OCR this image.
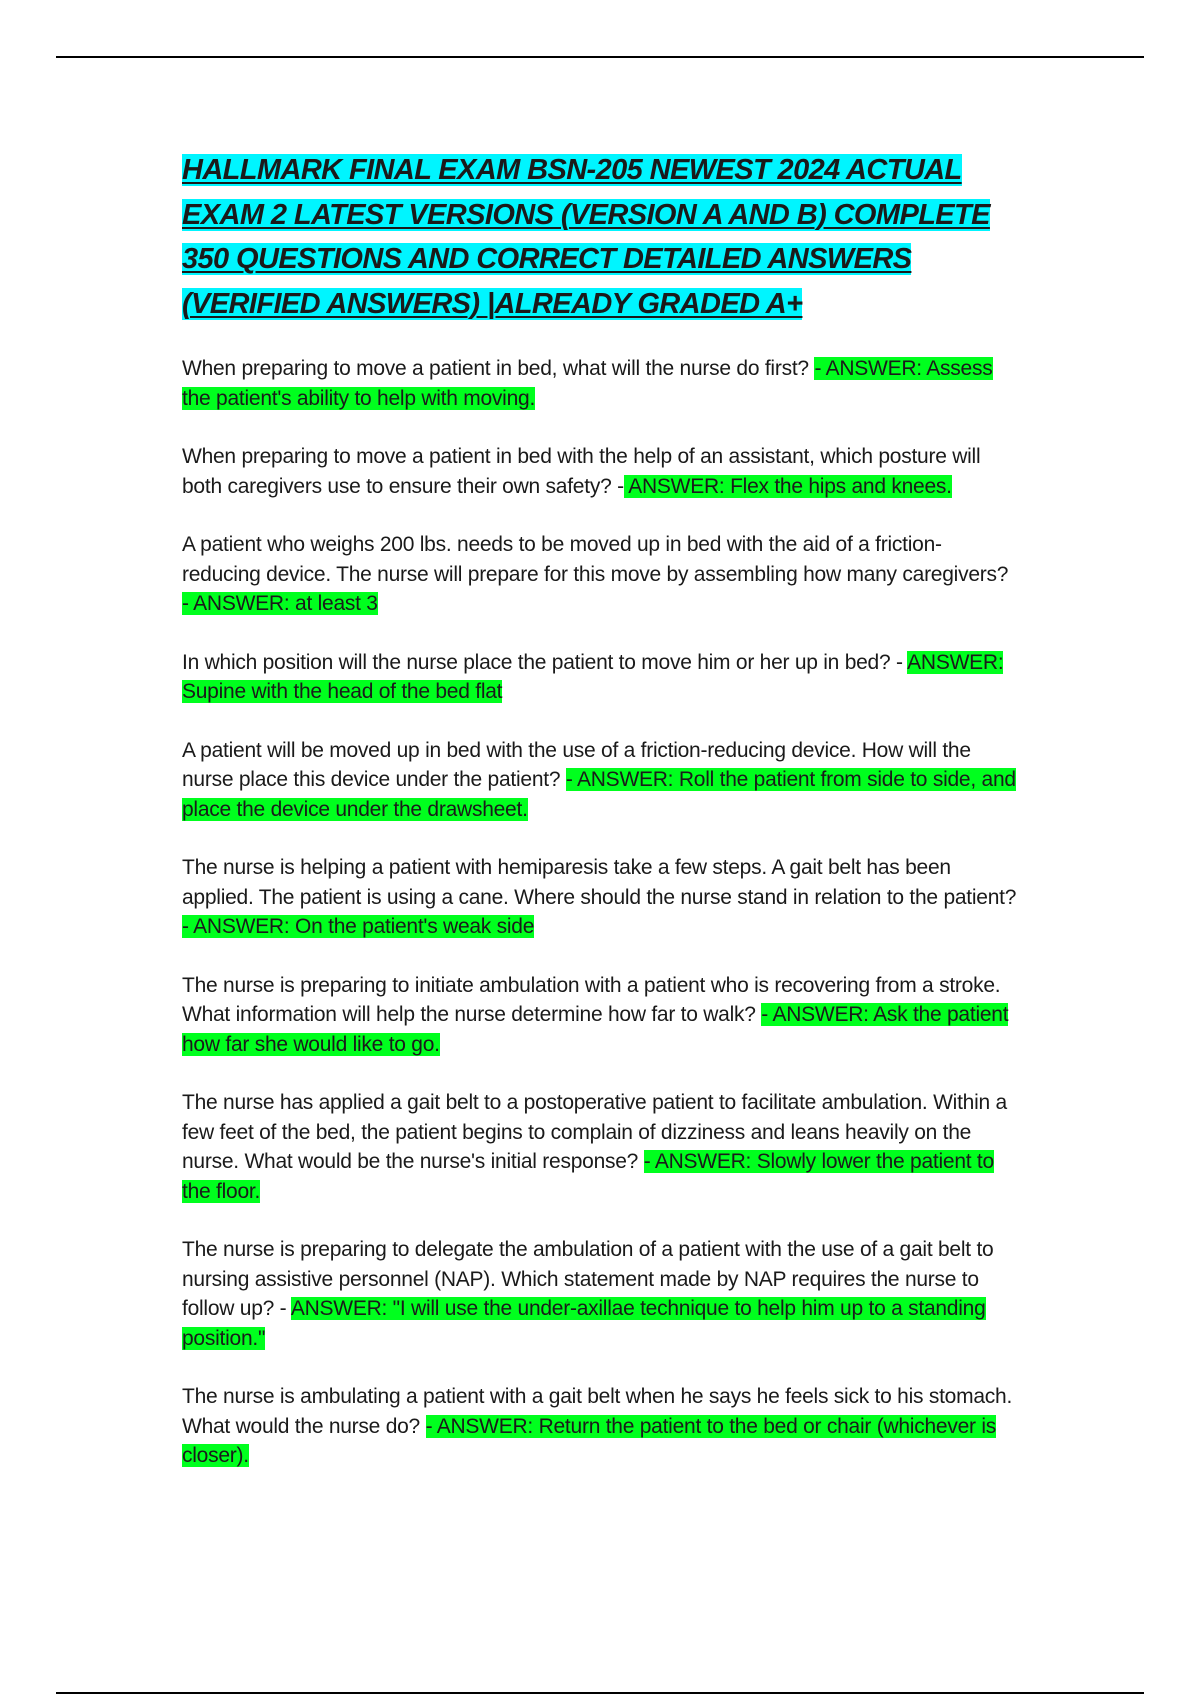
HALLMARK FINAL EXAM BSN-205 NEWEST 2024 ACTUAL EXAM 2 LATEST VERSIONS (VERSION A AND B) COMPLETE 350 QUESTIONS AND CORRECT DETAILED ANSWERS (VERIFIED ANSWERS) |ALREADY GRADED A+
When preparing to move a patient in bed, what will the nurse do first? - ANSWER: Assess the patient's ability to help with moving.
When preparing to move a patient in bed with the help of an assistant, which posture will both caregivers use to ensure their own safety? - ANSWER: Flex the hips and knees.
A patient who weighs 200 lbs. needs to be moved up in bed with the aid of a friction-reducing device. The nurse will prepare for this move by assembling how many caregivers? - ANSWER: at least 3
In which position will the nurse place the patient to move him or her up in bed? - ANSWER: Supine with the head of the bed flat
A patient will be moved up in bed with the use of a friction-reducing device. How will the nurse place this device under the patient? - ANSWER: Roll the patient from side to side, and place the device under the drawsheet.
The nurse is helping a patient with hemiparesis take a few steps. A gait belt has been applied. The patient is using a cane. Where should the nurse stand in relation to the patient? - ANSWER: On the patient's weak side
The nurse is preparing to initiate ambulation with a patient who is recovering from a stroke. What information will help the nurse determine how far to walk? - ANSWER: Ask the patient how far she would like to go.
The nurse has applied a gait belt to a postoperative patient to facilitate ambulation. Within a few feet of the bed, the patient begins to complain of dizziness and leans heavily on the nurse. What would be the nurse's initial response? - ANSWER: Slowly lower the patient to the floor.
The nurse is preparing to delegate the ambulation of a patient with the use of a gait belt to nursing assistive personnel (NAP). Which statement made by NAP requires the nurse to follow up? - ANSWER: "I will use the under-axillae technique to help him up to a standing position."
The nurse is ambulating a patient with a gait belt when he says he feels sick to his stomach. What would the nurse do? - ANSWER: Return the patient to the bed or chair (whichever is closer).
